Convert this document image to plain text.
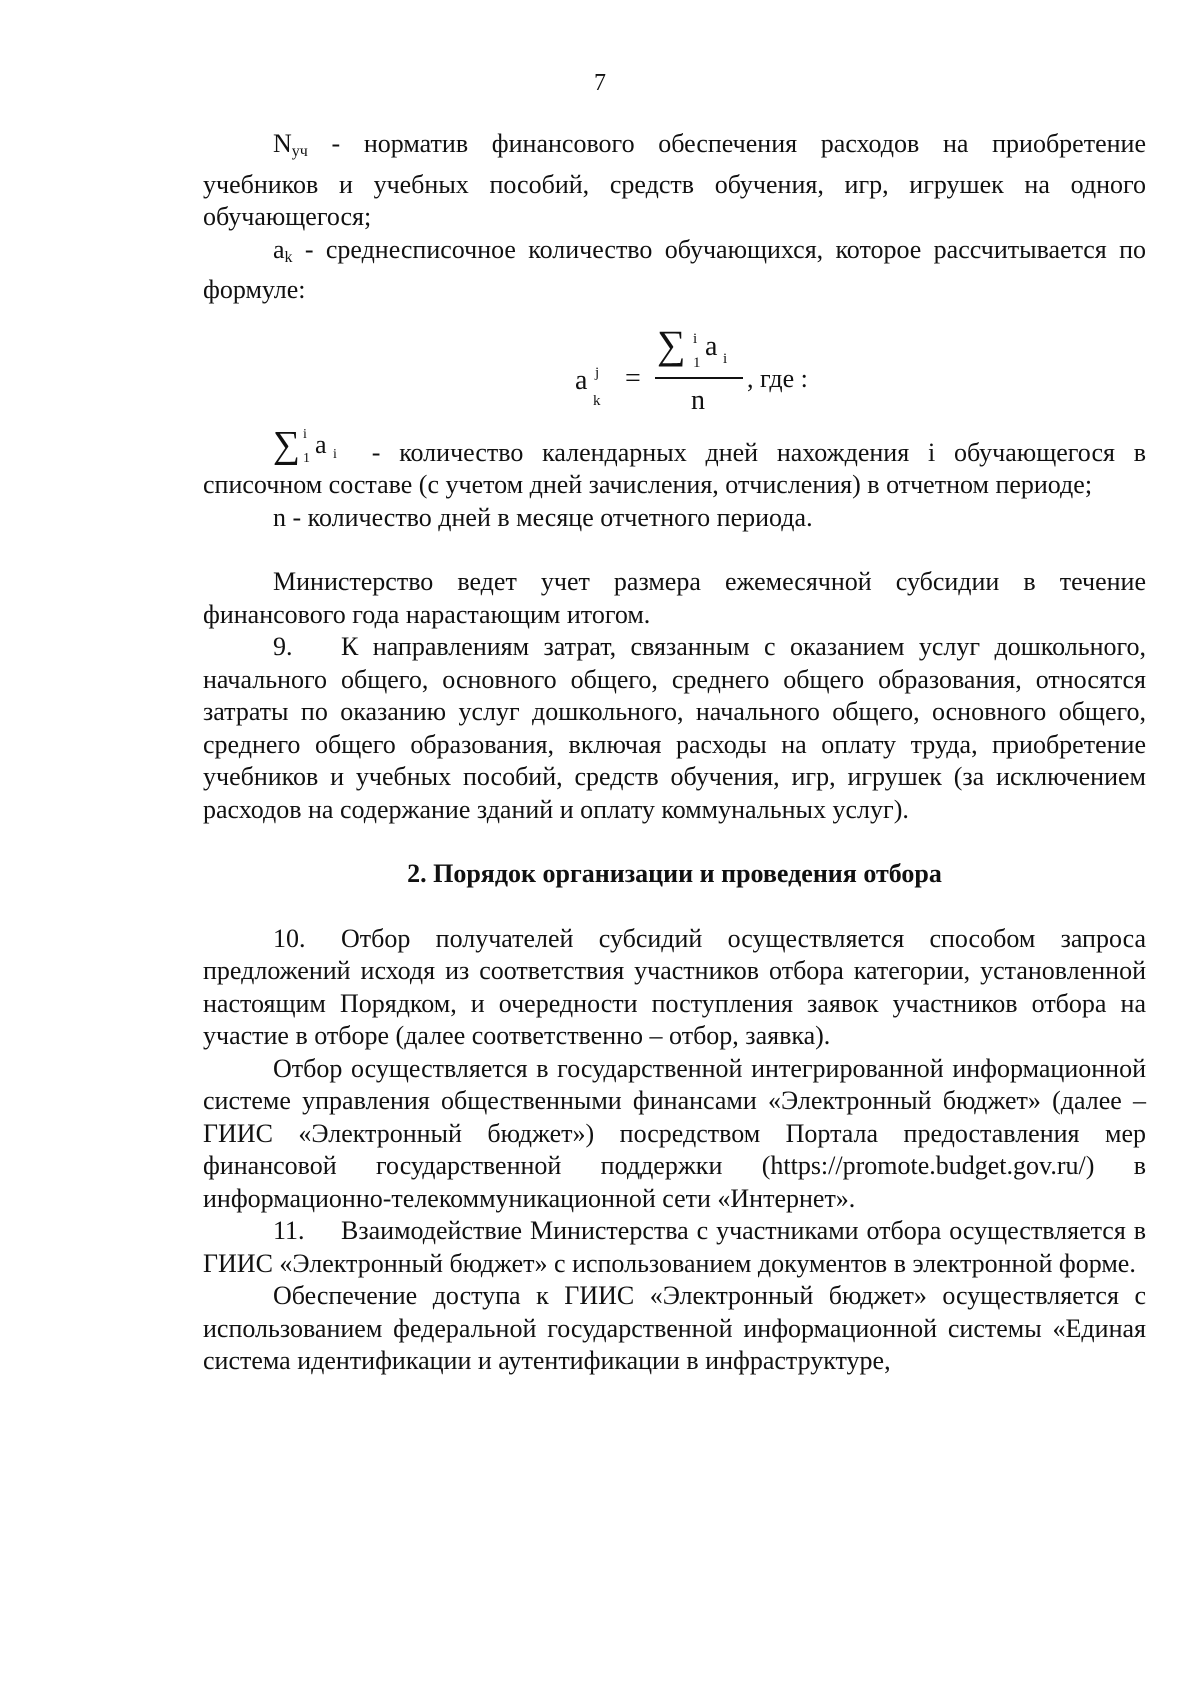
7

$N_{уч}$ - норматив финансового обеспечения расходов на приобретение учебников и учебных пособий, средств обучения, игр, игрушек на одного обучающегося;

$a_k$ - среднесписочное количество обучающихся, которое рассчитывается по формуле:

a j
k
=
∑ i
1
a i
n
, где :

∑ i
1 a i - количество календарных дней нахождения i обучающегося в списочном составе (с учетом дней зачисления, отчисления) в отчетном периоде;

n - количество дней в месяце отчетного периода.

Министерство ведет учет размера ежемесячной субсидии в течение финансового года нарастающим итогом.

9. К направлениям затрат, связанным с оказанием услуг дошкольного, начального общего, основного общего, среднего общего образования, относятся затраты по оказанию услуг дошкольного, начального общего, основного общего, среднего общего образования, включая расходы на оплату труда, приобретение учебников и учебных пособий, средств обучения, игр, игрушек (за исключением расходов на содержание зданий и оплату коммунальных услуг).

2. Порядок организации и проведения отбора

10. Отбор получателей субсидий осуществляется способом запроса предложений исходя из соответствия участников отбора категории, установленной настоящим Порядком, и очередности поступления заявок участников отбора на участие в отборе (далее соответственно – отбор, заявка).

Отбор осуществляется в государственной интегрированной информационной системе управления общественными финансами «Электронный бюджет» (далее – ГИИС «Электронный бюджет») посредством Портала предоставления мер финансовой государственной поддержки (https://promote.budget.gov.ru/) в информационно-телекоммуникационной сети «Интернет».

11. Взаимодействие Министерства с участниками отбора осуществляется в ГИИС «Электронный бюджет» с использованием документов в электронной форме.

Обеспечение доступа к ГИИС «Электронный бюджет» осуществляется с использованием федеральной государственной информационной системы «Единая система идентификации и аутентификации в инфраструктуре,
